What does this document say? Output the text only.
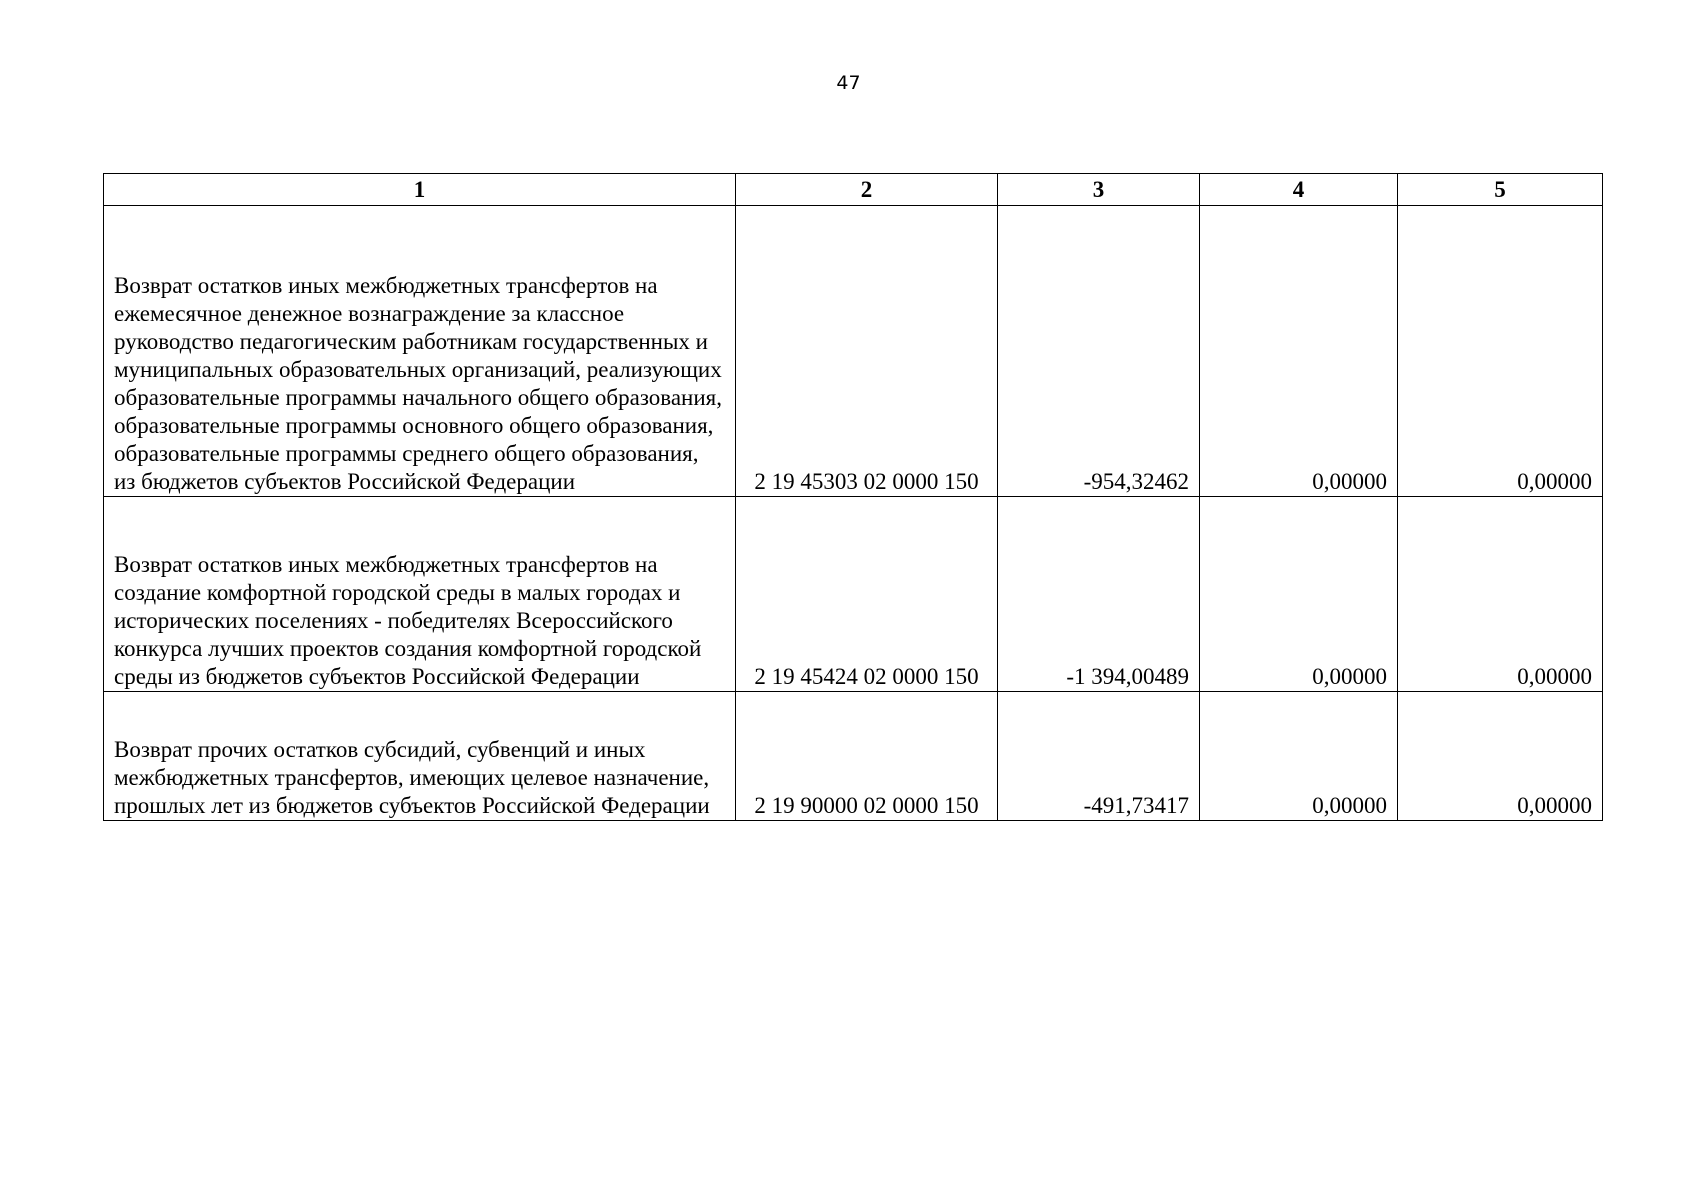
47
1	2	3	4	5
Возврат остатков иных межбюджетных трансфертов на ежемесячное денежное вознаграждение за классное руководство педагогическим работникам государственных и муниципальных образовательных организаций, реализующих образовательные программы начального общего образования, образовательные программы основного общего образования, образовательные программы среднего общего образования, из бюджетов субъектов Российской Федерации	2 19 45303 02 0000 150	-954,32462	0,00000	0,00000
Возврат остатков иных межбюджетных трансфертов на создание комфортной городской среды в малых городах и исторических поселениях - победителях Всероссийского конкурса лучших проектов создания комфортной городской среды из бюджетов субъектов Российской Федерации	2 19 45424 02 0000 150	-1 394,00489	0,00000	0,00000
Возврат прочих остатков субсидий, субвенций и иных межбюджетных трансфертов, имеющих целевое назначение, прошлых лет из бюджетов субъектов Российской Федерации	2 19 90000 02 0000 150	-491,73417	0,00000	0,00000
